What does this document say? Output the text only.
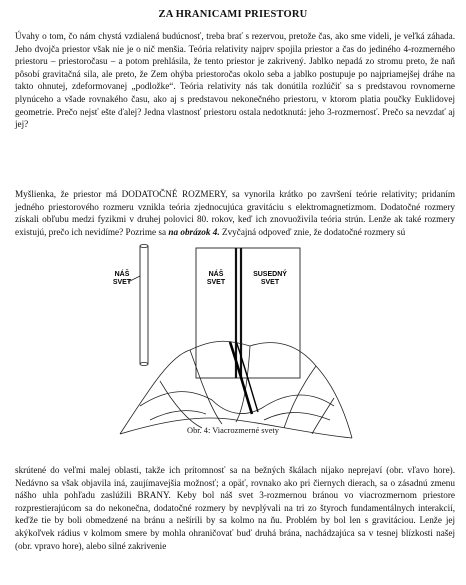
ZA HRANICAMI PRIESTORU
Úvahy o tom, čo nám chystá vzdialená budúcnosť, treba brať s rezervou, pretože čas, ako sme videli, je veľká záhada. Jeho dvojča priestor však nie je o nič menšia. Teória relativity najprv spojila priestor a čas do jediného 4-rozmerného priestoru – priestoročasu – a potom prehlásila, že tento priestor je zakrivený. Jablko nepadá zo stromu preto, že naň pôsobí gravitačná sila, ale preto, že Zem ohýba priestoročas okolo seba a jablko postupuje po najpriamejšej dráhe na takto ohnutej, zdeformovanej „podložke“. Teória relativity nás tak donútila rozlúčiť sa s predstavou rovnomerne plynúceho a všade rovnakého času, ako aj s predstavou nekonečného priestoru, v ktorom platia poučky Euklidovej geometrie. Prečo nejsť ešte ďalej? Jedna vlastnosť priestoru ostala nedotknutá: jeho 3-rozmernosť. Prečo sa nevzdať aj jej?
Myšlienka, že priestor má DODATOČNÉ ROZMERY, sa vynorila krátko po završení teórie relativity; pridaním jedného priestorového rozmeru vznikla teória zjednocujúca gravitáciu s elektromagnetizmom. Dodatočné rozmery získali obľubu medzi fyzikmi v druhej polovici 80. rokov, keď ich znovuoživila teória strún. Lenže ak také rozmery existujú, prečo ich nevidíme? Pozrime sa na obrázok 4. Zvyčajná odpoveď znie, že dodatočné rozmery sú
NÁŠ
SVET
NÁŠ
SVET
SUSEDNÝ
SVET
Obr. 4: Viacrozmerné svety
skrútené do veľmi malej oblasti, takže ich prítomnosť sa na bežných škálach nijako neprejaví (obr. vľavo hore). Nedávno sa však objavila iná, zaujímavejšia možnosť; a opäť, rovnako ako pri čiernych dierach, sa o zásadnú zmenu nášho uhla pohľadu zaslúžili BRANY. Keby bol náš svet 3-rozmernou bránou vo viacrozmernom priestore rozprestierajúcom sa do nekonečna, dodatočné rozmery by nevplývali na tri zo štyroch fundamentálnych interakcií, keďže tie by boli obmedzené na bránu a nešírili by sa kolmo na ňu. Problém by bol len s gravitáciou. Lenže jej akýkoľvek rádius v kolmom smere by mohla ohraničovať buď druhá brána, nachádzajúca sa v tesnej blízkosti našej (obr. vpravo hore), alebo silné zakrivenie
